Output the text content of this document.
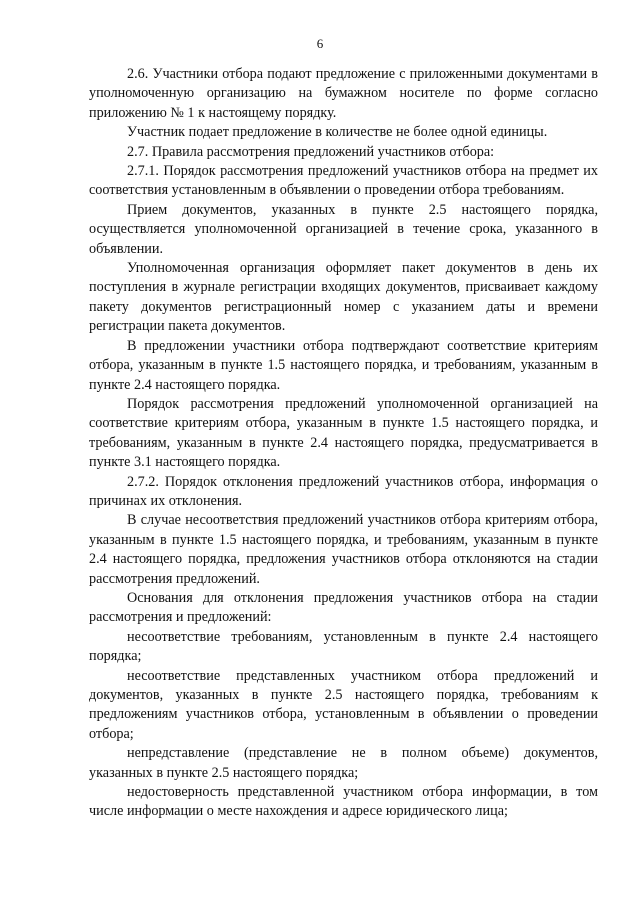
6

2.6. Участники отбора подают предложение с приложенными документами в уполномоченную организацию на бумажном носителе по форме согласно приложению № 1 к настоящему порядку.

Участник подает предложение в количестве не более одной единицы.

2.7. Правила рассмотрения предложений участников отбора:

2.7.1. Порядок рассмотрения предложений участников отбора на предмет их соответствия установленным в объявлении о проведении отбора требованиям.

Прием документов, указанных в пункте 2.5 настоящего порядка, осуществляется уполномоченной организацией в течение срока, указанного в объявлении.

Уполномоченная организация оформляет пакет документов в день их поступления в журнале регистрации входящих документов, присваивает каждому пакету документов регистрационный номер с указанием даты и времени регистрации пакета документов.

В предложении участники отбора подтверждают соответствие критериям отбора, указанным в пункте 1.5 настоящего порядка, и требованиям, указанным в пункте 2.4 настоящего порядка.

Порядок рассмотрения предложений уполномоченной организацией на соответствие критериям отбора, указанным в пункте 1.5 настоящего порядка, и требованиям, указанным в пункте 2.4 настоящего порядка, предусматривается в пункте 3.1 настоящего порядка.

2.7.2. Порядок отклонения предложений участников отбора, информация о причинах их отклонения.

В случае несоответствия предложений участников отбора критериям отбора, указанным в пункте 1.5 настоящего порядка, и требованиям, указанным в пункте 2.4 настоящего порядка, предложения участников отбора отклоняются на стадии рассмотрения предложений.

Основания для отклонения предложения участников отбора на стадии рассмотрения и предложений:

несоответствие требованиям, установленным в пункте 2.4 настоящего порядка;

несоответствие представленных участником отбора предложений и документов, указанных в пункте 2.5 настоящего порядка, требованиям к предложениям участников отбора, установленным в объявлении о проведении отбора;

непредставление (представление не в полном объеме) документов, указанных в пункте 2.5 настоящего порядка;

недостоверность представленной участником отбора информации, в том числе информации о месте нахождения и адресе юридического лица;
